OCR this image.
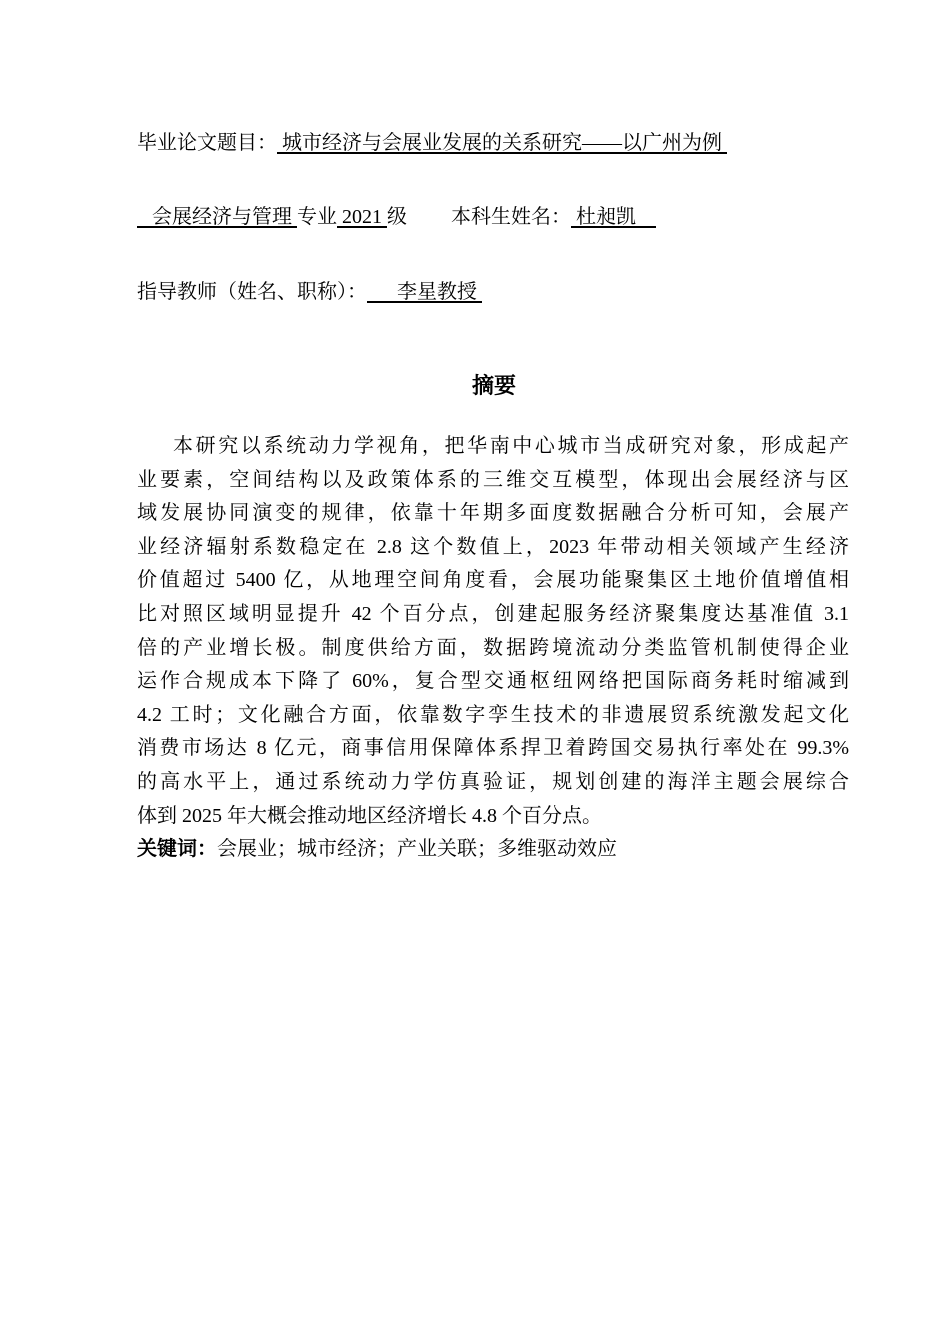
毕业论文题目： 城市经济与会展业发展的关系研究——以广州为例
会展经济与管理 专业 2021 级 本科生姓名： 杜昶凯
指导教师（姓名、职称）：      李星教授
摘要
本研究以系统动力学视角，把华南中心城市当成研究对象，形成起产
业要素，空间结构以及政策体系的三维交互模型，体现出会展经济与区
域发展协同演变的规律，依靠十年期多面度数据融合分析可知，会展产
业经济辐射系数稳定在 2.8 这个数值上，2023 年带动相关领域产生经济
价值超过 5400 亿，从地理空间角度看，会展功能聚集区土地价值增值相
比对照区域明显提升 42 个百分点，创建起服务经济聚集度达基准值 3.1
倍的产业增长极。制度供给方面，数据跨境流动分类监管机制使得企业
运作合规成本下降了 60%，复合型交通枢纽网络把国际商务耗时缩减到
4.2 工时；文化融合方面，依靠数字孪生技术的非遗展贸系统激发起文化
消费市场达 8 亿元，商事信用保障体系捍卫着跨国交易执行率处在 99.3%
的高水平上，通过系统动力学仿真验证，规划创建的海洋主题会展综合
体到 2025 年大概会推动地区经济增长 4.8 个百分点。
关键词：会展业；城市经济；产业关联；多维驱动效应
